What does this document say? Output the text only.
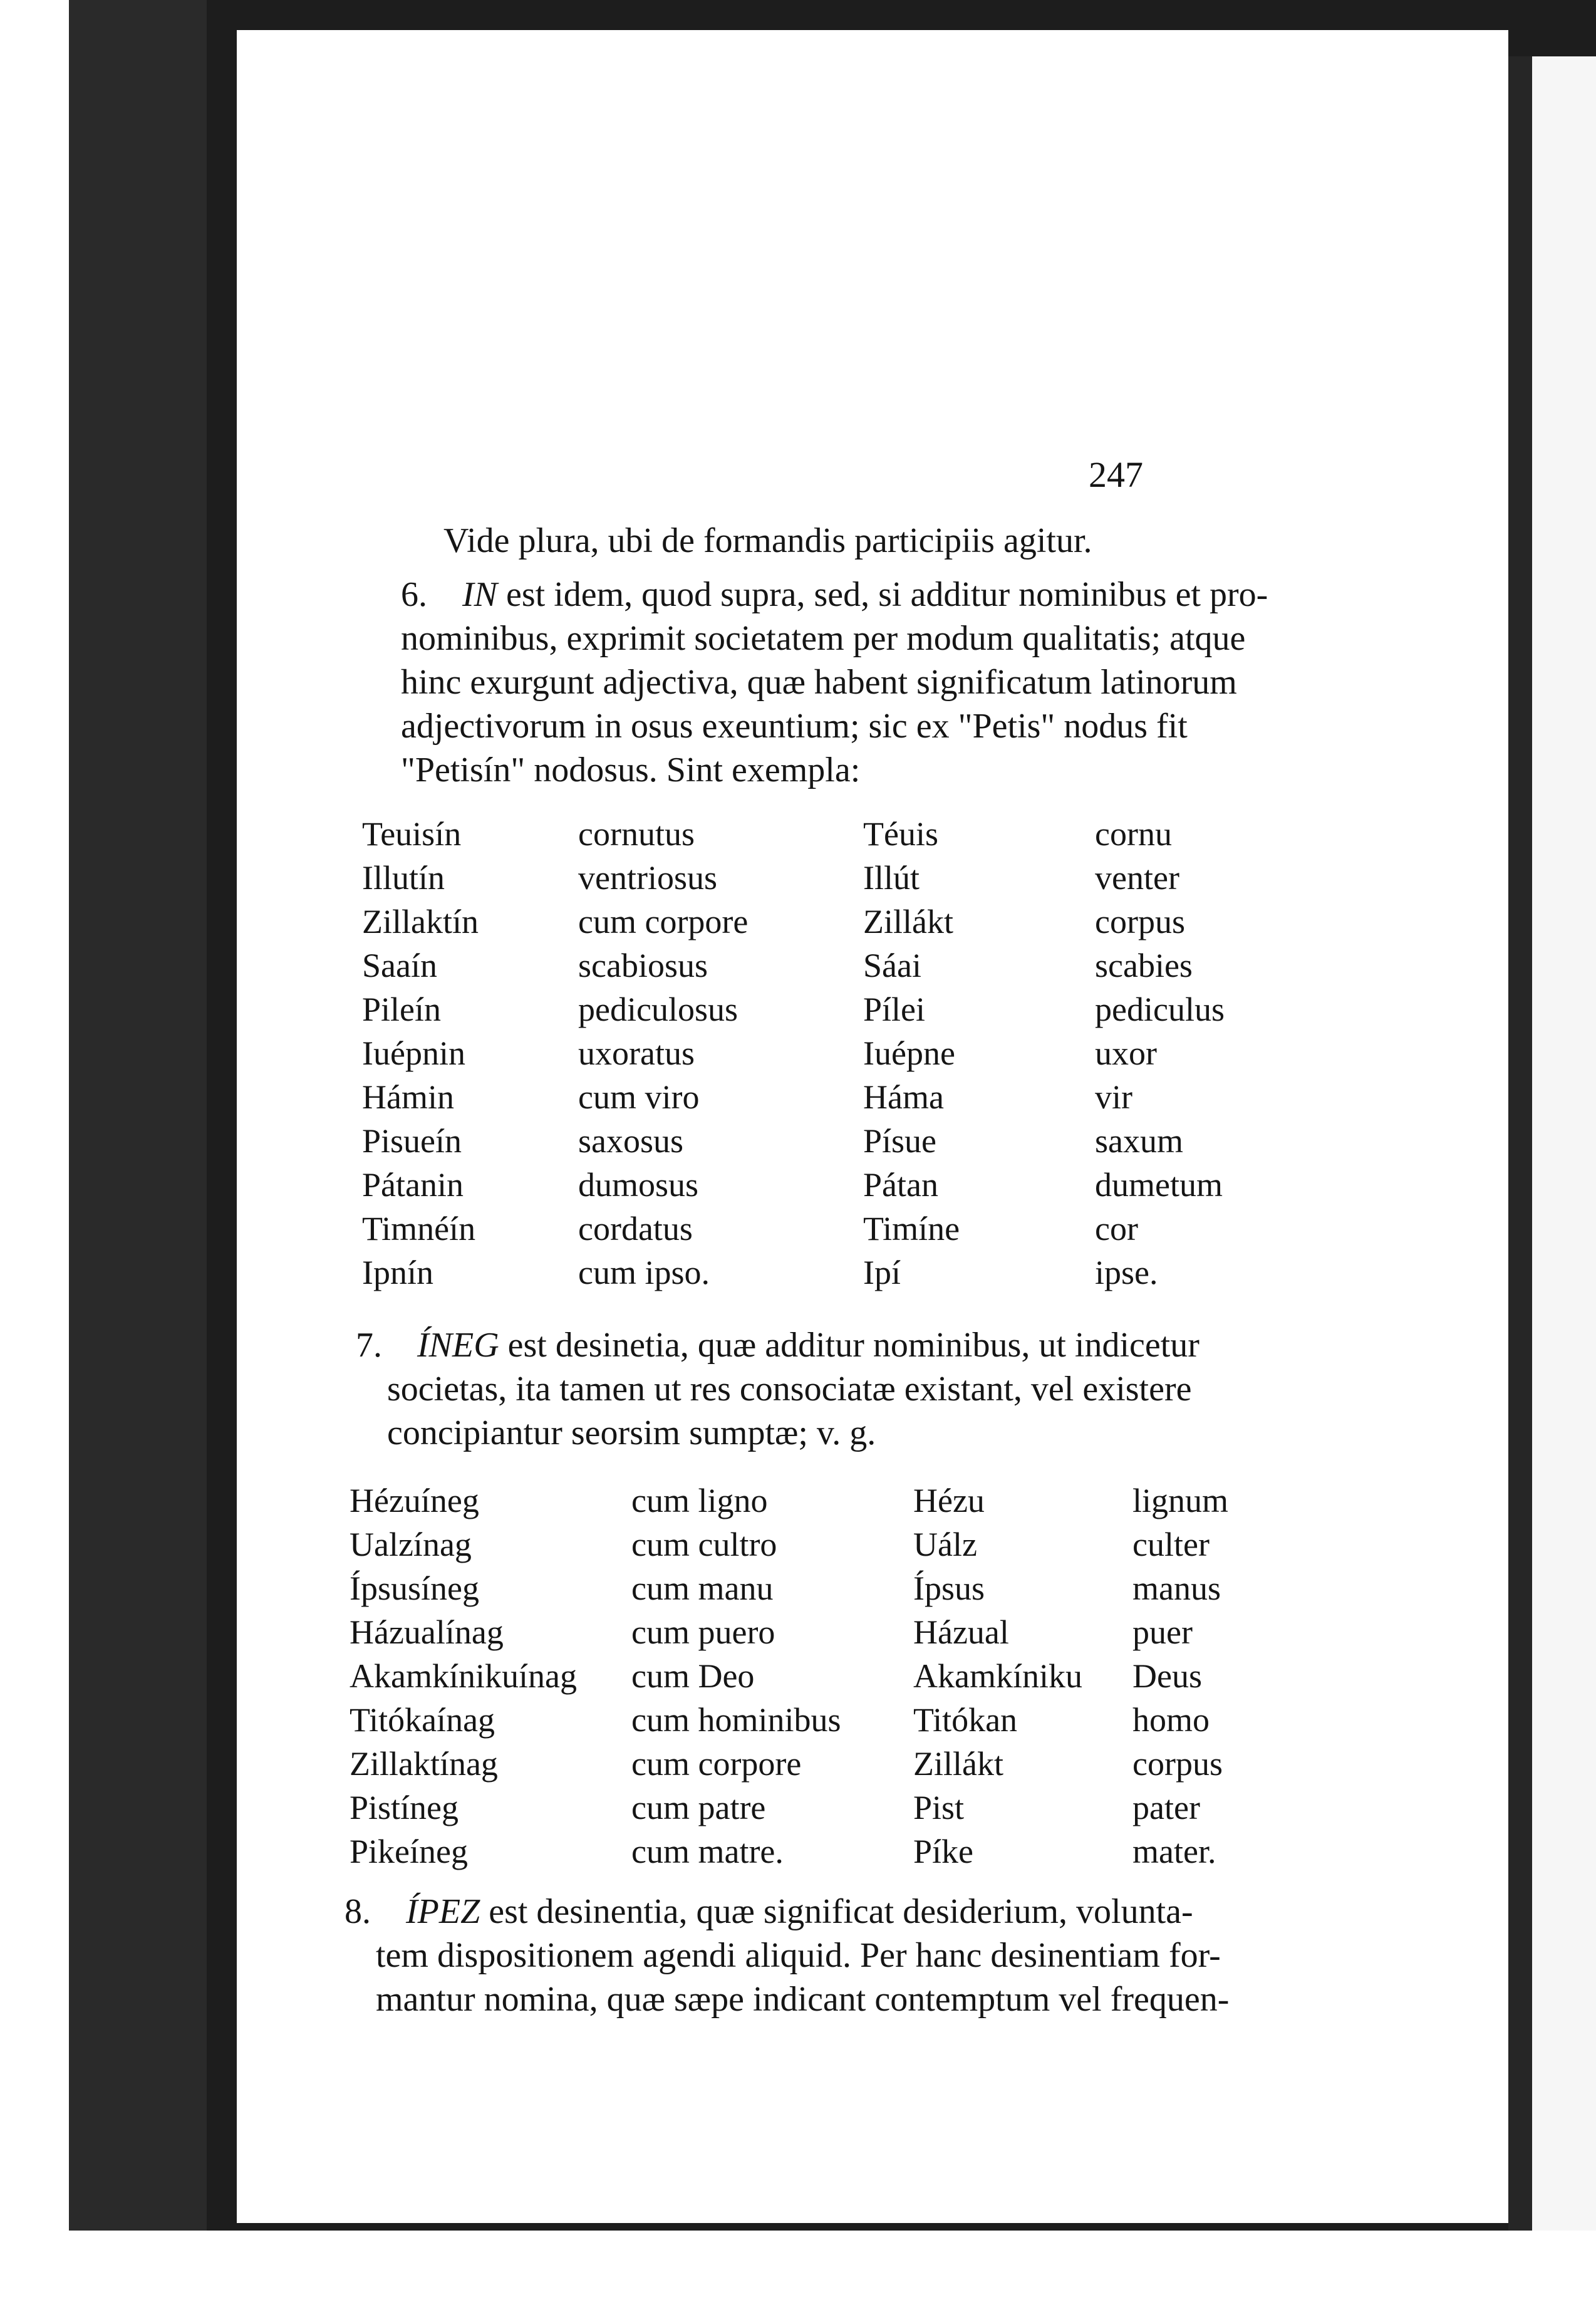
247
Vide plura, ubi de formandis participiis agitur.
6. IN est idem, quod supra, sed, si additur nominibus et pro-
nominibus, exprimit societatem per modum qualitatis; atque
hinc exurgunt adjectiva, quæ habent significatum latinorum
adjectivorum in osus exeuntium; sic ex "Petis" nodus fit
"Petisín" nodosus. Sint exempla:
Teuisín
Illutín
Zillaktín
Saaín
Pileín
Iuépnin
Hámin
Pisueín
Pátanin
Timnéín
Ipnín
cornutus
ventriosus
cum corpore
scabiosus
pediculosus
uxoratus
cum viro
saxosus
dumosus
cordatus
cum ipso.
Téuis
Illút
Zillákt
Sáai
Pílei
Iuépne
Háma
Písue
Pátan
Timíne
Ipí
cornu
venter
corpus
scabies
pediculus
uxor
vir
saxum
dumetum
cor
ipse.
7. ÍNEG est desinetia, quæ additur nominibus, ut indicetur
societas, ita tamen ut res consociatæ existant, vel existere
concipiantur seorsim sumptæ; v. g.
Hézuíneg
Ualzínag
Ípsusíneg
Házualínag
Akamkínikuínag
Titókaínag
Zillaktínag
Pistíneg
Pikeíneg
cum ligno
cum cultro
cum manu
cum puero
cum Deo
cum hominibus
cum corpore
cum patre
cum matre.
Hézu
Uálz
Ípsus
Házual
Akamkíniku
Titókan
Zillákt
Pist
Píke
lignum
culter
manus
puer
Deus
homo
corpus
pater
mater.
8. ÍPEZ est desinentia, quæ significat desiderium, volunta-
tem dispositionem agendi aliquid. Per hanc desinentiam for-
mantur nomina, quæ sæpe indicant contemptum vel frequen-
